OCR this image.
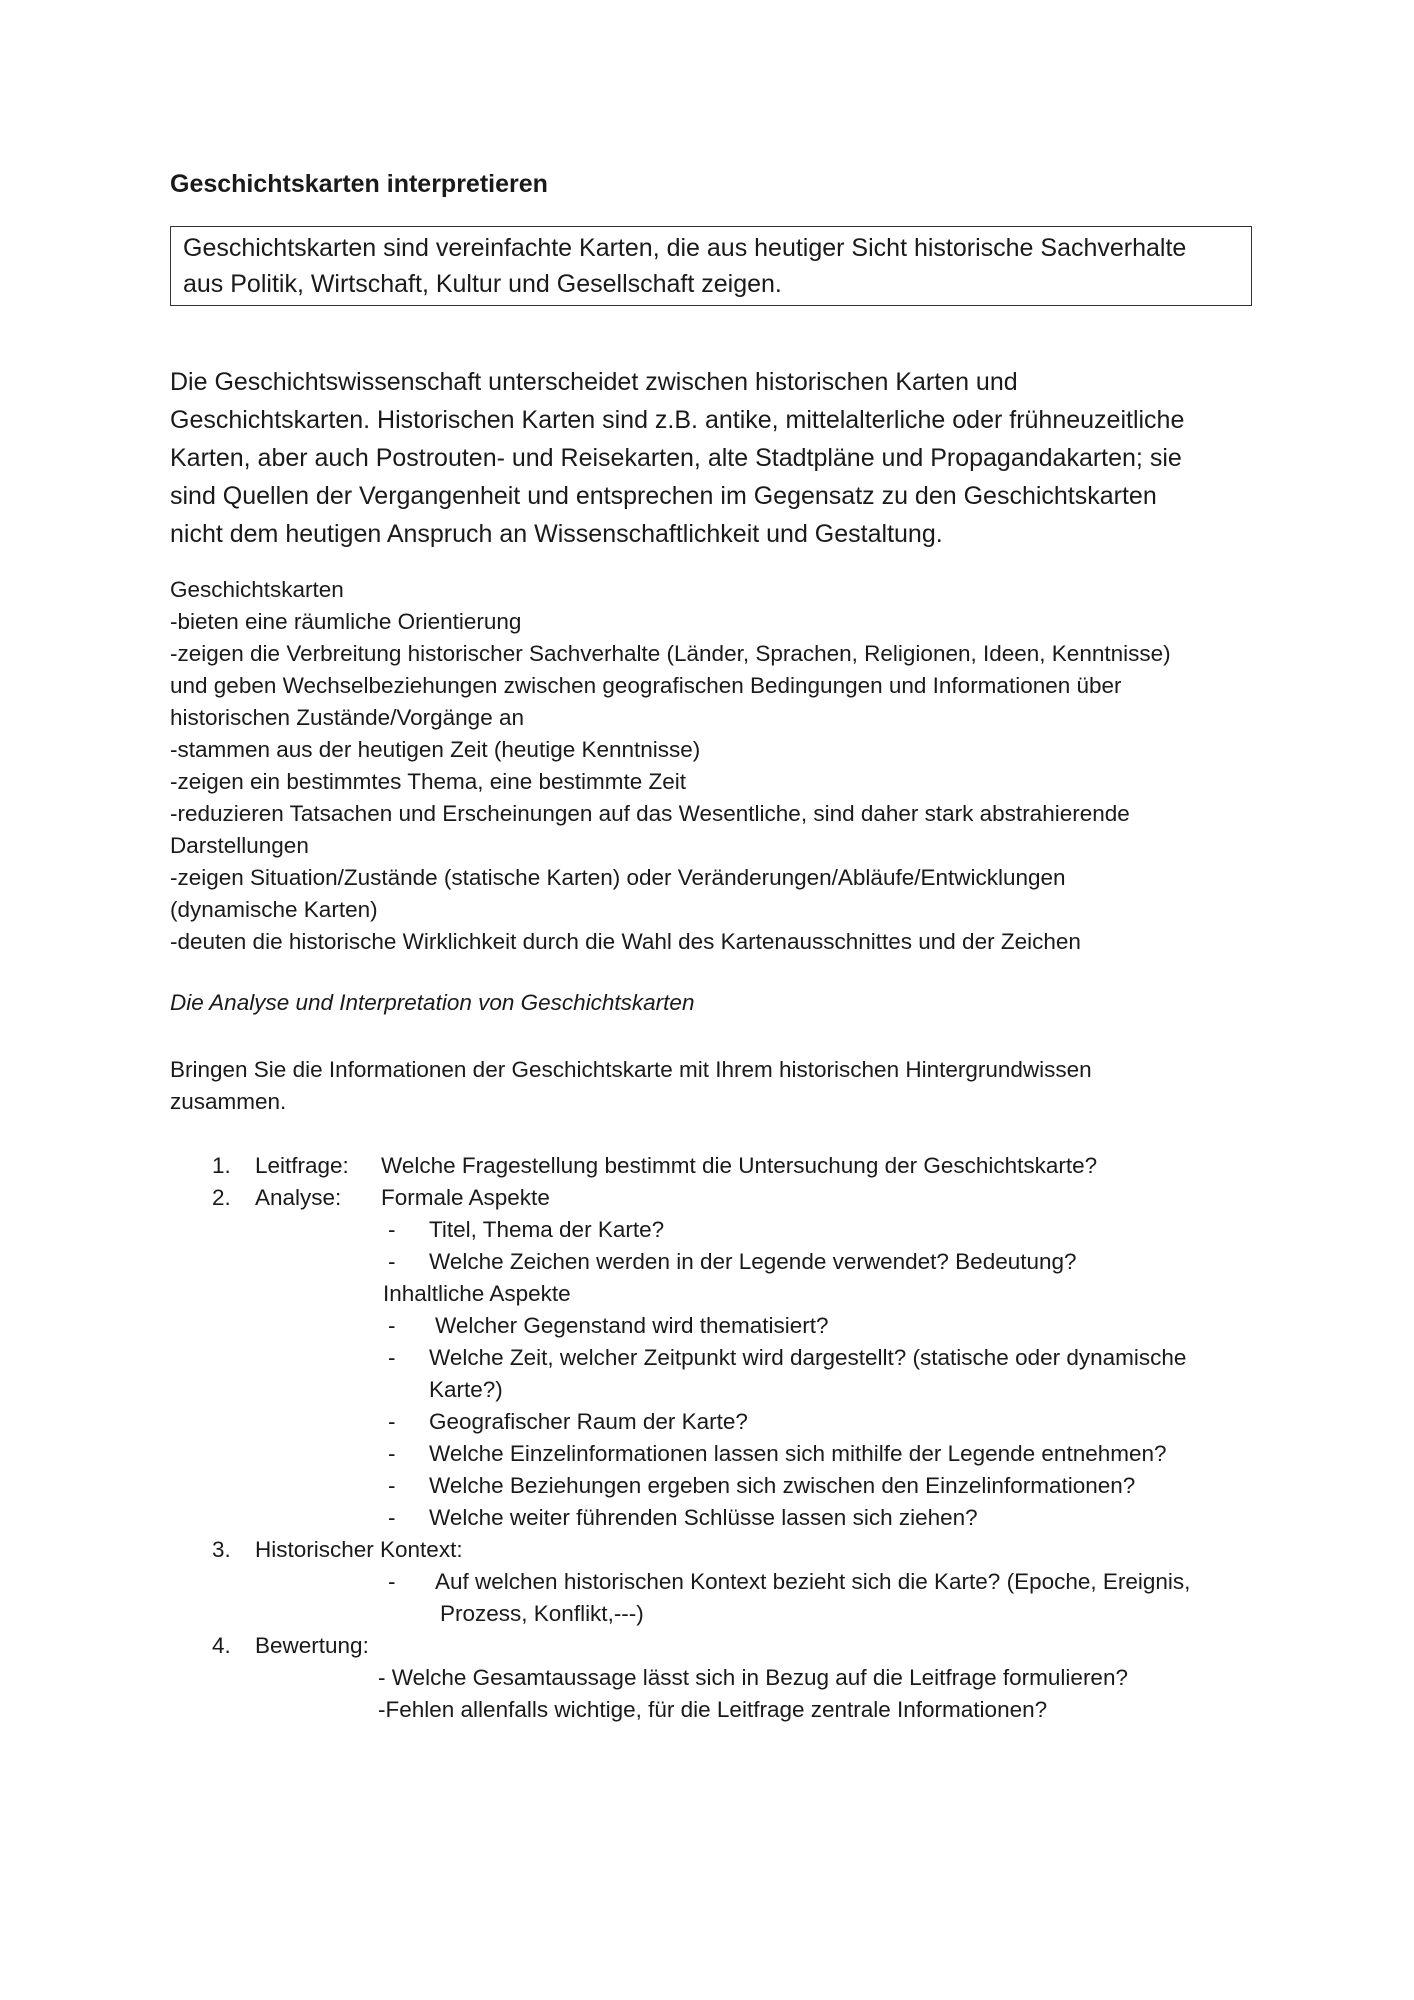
Geschichtskarten interpretieren
Geschichtskarten sind vereinfachte Karten, die aus heutiger Sicht historische Sachverhalte
aus Politik, Wirtschaft, Kultur und Gesellschaft zeigen.
Die Geschichtswissenschaft unterscheidet zwischen historischen Karten und
Geschichtskarten. Historischen Karten sind z.B. antike, mittelalterliche oder frühneuzeitliche
Karten, aber auch Postrouten- und Reisekarten, alte Stadtpläne und Propagandakarten; sie
sind Quellen der Vergangenheit und entsprechen im Gegensatz zu den Geschichtskarten
nicht dem heutigen Anspruch an Wissenschaftlichkeit und Gestaltung.
Geschichtskarten
-bieten eine räumliche Orientierung
-zeigen die Verbreitung historischer Sachverhalte (Länder, Sprachen, Religionen, Ideen, Kenntnisse)
und geben Wechselbeziehungen zwischen geografischen Bedingungen und Informationen über
historischen Zustände/Vorgänge an
-stammen aus der heutigen Zeit (heutige Kenntnisse)
-zeigen ein bestimmtes Thema, eine bestimmte Zeit
-reduzieren Tatsachen und Erscheinungen auf das Wesentliche, sind daher stark abstrahierende
Darstellungen
-zeigen Situation/Zustände (statische Karten) oder Veränderungen/Abläufe/Entwicklungen
(dynamische Karten)
-deuten die historische Wirklichkeit durch die Wahl des Kartenausschnittes und der Zeichen
Die Analyse und Interpretation von Geschichtskarten
Bringen Sie die Informationen der Geschichtskarte mit Ihrem historischen Hintergrundwissen
zusammen.
1. Leitfrage: Welche Fragestellung bestimmt die Untersuchung der Geschichtskarte?
2. Analyse: Formale Aspekte
- Titel, Thema der Karte?
- Welche Zeichen werden in der Legende verwendet? Bedeutung?
Inhaltliche Aspekte
- Welcher Gegenstand wird thematisiert?
- Welche Zeit, welcher Zeitpunkt wird dargestellt? (statische oder dynamische
Karte?)
- Geografischer Raum der Karte?
- Welche Einzelinformationen lassen sich mithilfe der Legende entnehmen?
- Welche Beziehungen ergeben sich zwischen den Einzelinformationen?
- Welche weiter führenden Schlüsse lassen sich ziehen?
3. Historischer Kontext:
- Auf welchen historischen Kontext bezieht sich die Karte? (Epoche, Ereignis,
Prozess, Konflikt,---)
4. Bewertung:
- Welche Gesamtaussage lässt sich in Bezug auf die Leitfrage formulieren?
-Fehlen allenfalls wichtige, für die Leitfrage zentrale Informationen?
